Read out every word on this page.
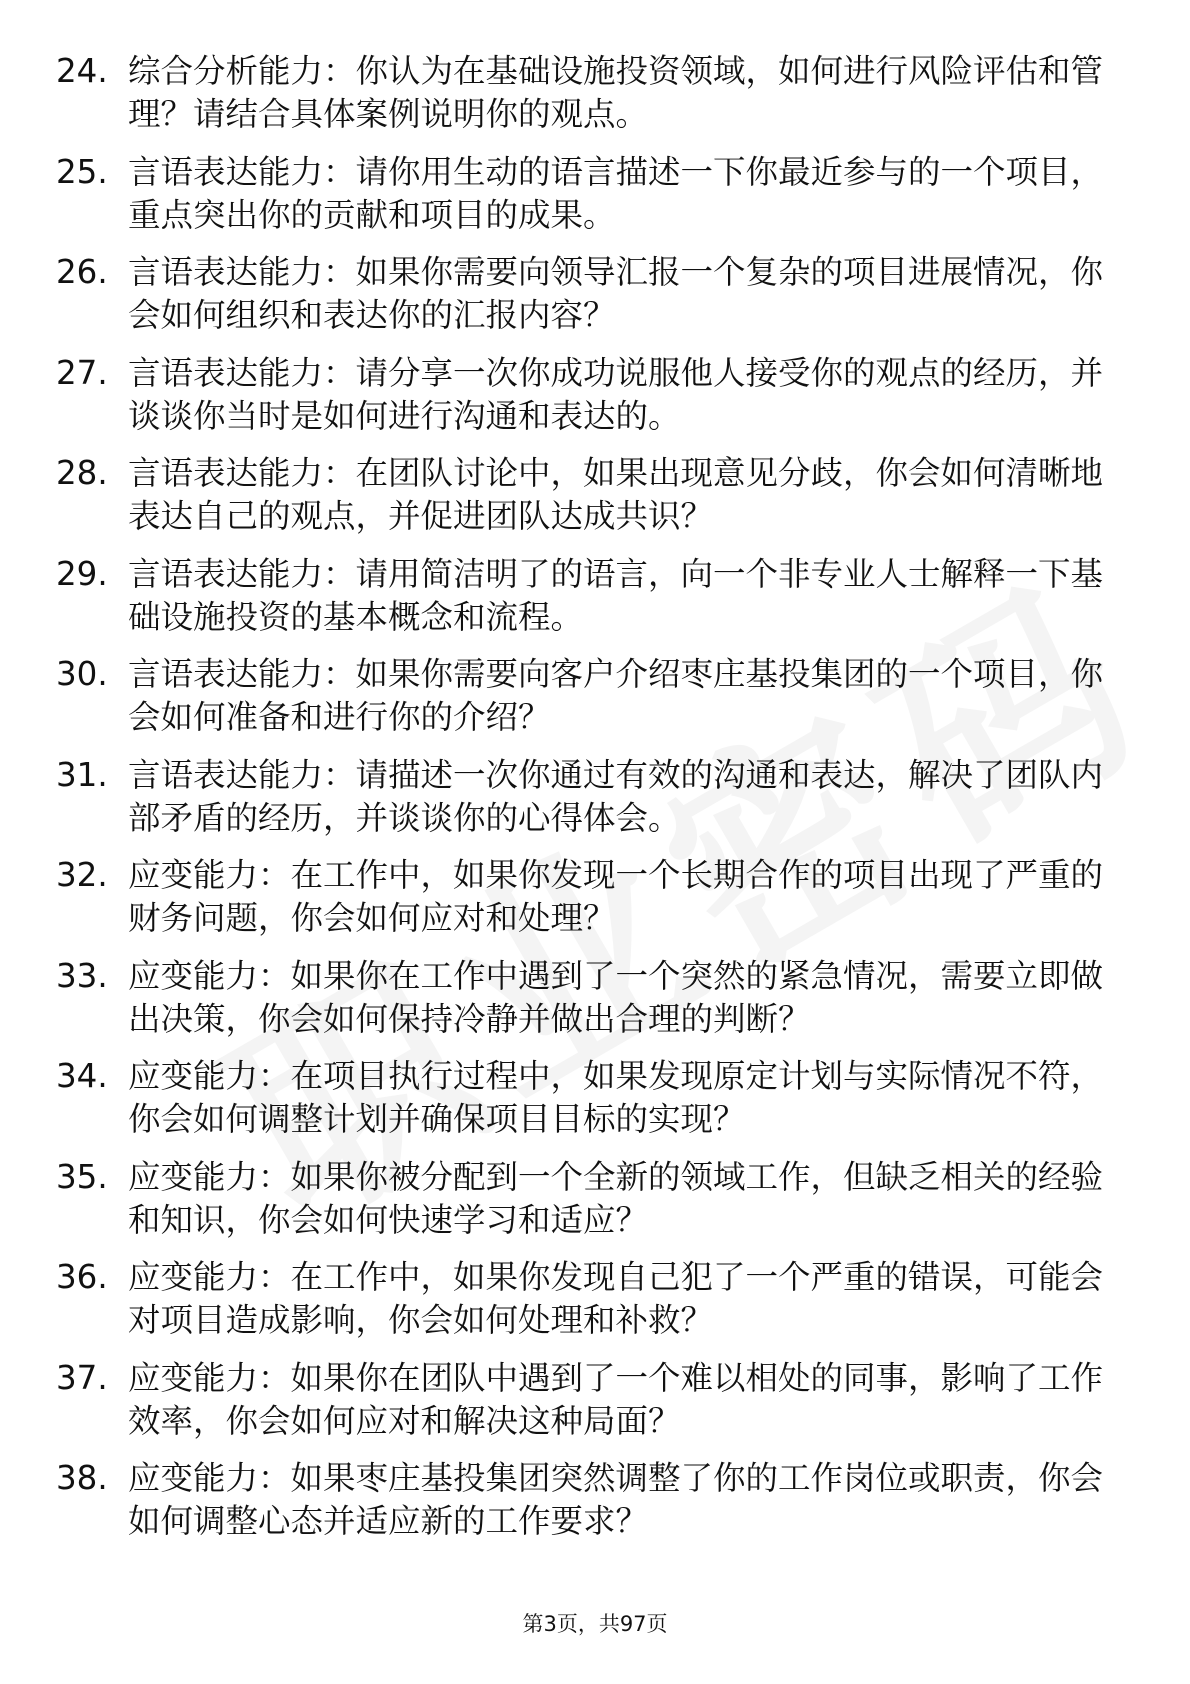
24. 综合分析能力：你认为在基础设施投资领域，如何进行风险评估和管理？请结合具体案例说明你的观点。
25. 言语表达能力：请你用生动的语言描述一下你最近参与的一个项目，重点突出你的贡献和项目的成果。
26. 言语表达能力：如果你需要向领导汇报一个复杂的项目进展情况，你会如何组织和表达你的汇报内容？
27. 言语表达能力：请分享一次你成功说服他人接受你的观点的经历，并谈谈你当时是如何进行沟通和表达的。
28. 言语表达能力：在团队讨论中，如果出现意见分歧，你会如何清晰地表达自己的观点，并促进团队达成共识？
29. 言语表达能力：请用简洁明了的语言，向一个非专业人士解释一下基础设施投资的基本概念和流程。
30. 言语表达能力：如果你需要向客户介绍枣庄基投集团的一个项目，你会如何准备和进行你的介绍？
31. 言语表达能力：请描述一次你通过有效的沟通和表达，解决了团队内部矛盾的经历，并谈谈你的心得体会。
32. 应变能力：在工作中，如果你发现一个长期合作的项目出现了严重的财务问题，你会如何应对和处理？
33. 应变能力：如果你在工作中遇到了一个突然的紧急情况，需要立即做出决策，你会如何保持冷静并做出合理的判断？
34. 应变能力：在项目执行过程中，如果发现原定计划与实际情况不符，你会如何调整计划并确保项目目标的实现？
35. 应变能力：如果你被分配到一个全新的领域工作，但缺乏相关的经验和知识，你会如何快速学习和适应？
36. 应变能力：在工作中，如果你发现自己犯了一个严重的错误，可能会对项目造成影响，你会如何处理和补救？
37. 应变能力：如果你在团队中遇到了一个难以相处的同事，影响了工作效率，你会如何应对和解决这种局面？
38. 应变能力：如果枣庄基投集团突然调整了你的工作岗位或职责，你会如何调整心态并适应新的工作要求？
第3页，共97页
